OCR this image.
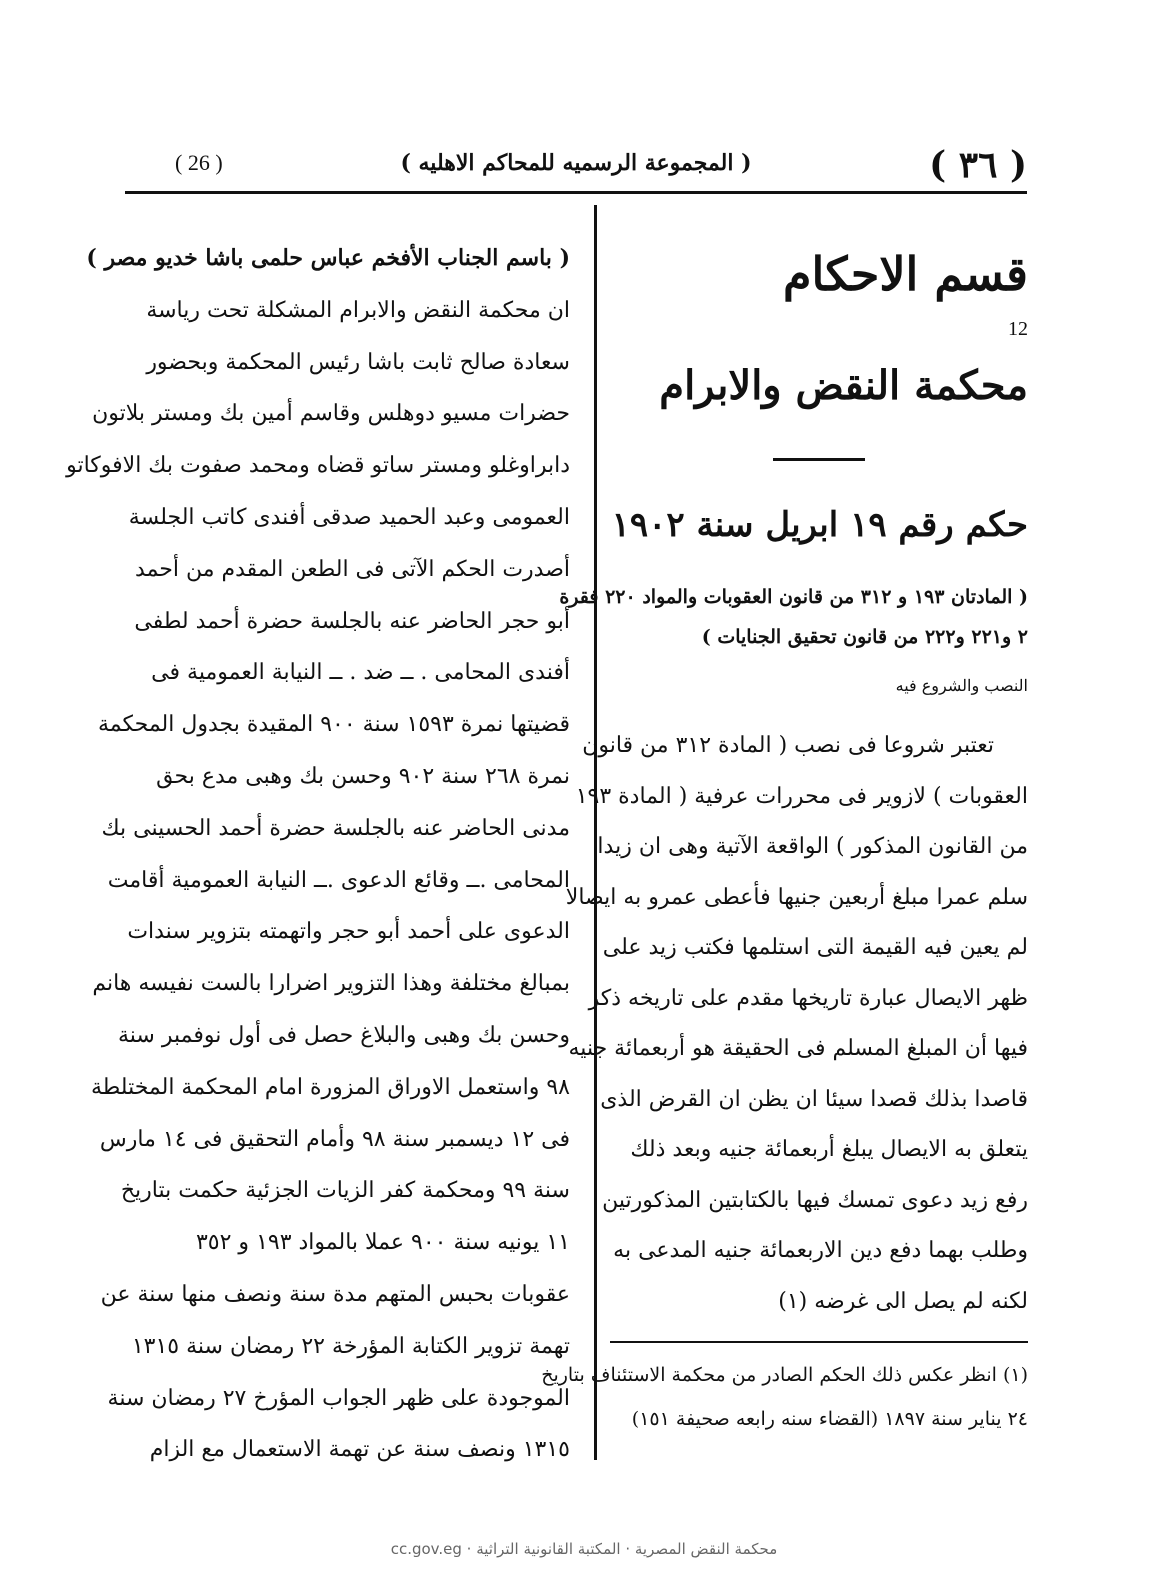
( 26 )	( المجموعة الرسميه للمحاكم الاهليه )	( ٣٦ )
قسم الاحكام
12
محكمة النقض والابرام
حكم رقم ١٩ ابريل سنة ١٩٠٢
( المادتان ١٩٣ و ٣١٢ من قانون العقوبات والمواد ٢٢٠ فقرة
٢ و٢٢١ و٢٢٢ من قانون تحقيق الجنايات )
النصب والشروع فيه
تعتبر شروعا فى نصب ( المادة ٣١٢ من قانون
العقوبات ) لازوير فى محررات عرفية ( المادة ١٩٣
من القانون المذكور ) الواقعة الآتية وهى ان زيدا
سلم عمرا مبلغ أربعين جنيها فأعطى عمرو به ايصالا
لم يعين فيه القيمة التى استلمها فكتب زيد على
ظهر الايصال عبارة تاريخها مقدم على تاريخه ذكر
فيها أن المبلغ المسلم فى الحقيقة هو أربعمائة جنيه
قاصدا بذلك قصدا سيئا ان يظن ان القرض الذى
يتعلق به الايصال يبلغ أربعمائة جنيه وبعد ذلك
رفع زيد دعوى تمسك فيها بالكتابتين المذكورتين
وطلب بهما دفع دين الاربعمائة جنيه المدعى به
لكنه لم يصل الى غرضه (١)
(١) انظر عكس ذلك الحكم الصادر من محكمة الاستئناف بتاريخ
٢٤ يناير سنة ١٨٩٧ (القضاء سنه رابعه صحيفة ١٥١)
( باسم الجناب الأفخم عباس حلمى باشا خديو مصر )
ان محكمة النقض والابرام المشكلة تحت رياسة
سعادة صالح ثابت باشا رئيس المحكمة وبحضور
حضرات مسيو دوهلس وقاسم أمين بك ومستر بلاتون
دابراوغلو ومستر ساتو قضاه ومحمد صفوت بك الافوكاتو
العمومى وعبد الحميد صدقى أفندى كاتب الجلسة
أصدرت الحكم الآتى فى الطعن المقدم من أحمد
أبو حجر الحاضر عنه بالجلسة حضرة أحمد لطفى
أفندى المحامى . ــ ضد . ــ النيابة العمومية فى
قضيتها نمرة ١٥٩٣ سنة ٩٠٠ المقيدة بجدول المحكمة
نمرة ٢٦٨ سنة ٩٠٢ وحسن بك وهبى مدع بحق
مدنى الحاضر عنه بالجلسة حضرة أحمد الحسينى بك
المحامى .ــ وقائع الدعوى .ــ النيابة العمومية أقامت
الدعوى على أحمد أبو حجر واتهمته بتزوير سندات
بمبالغ مختلفة وهذا التزوير اضرارا بالست نفيسه هانم
وحسن بك وهبى والبلاغ حصل فى أول نوفمبر سنة
٩٨ واستعمل الاوراق المزورة امام المحكمة المختلطة
فى ١٢ ديسمبر سنة ٩٨ وأمام التحقيق فى ١٤ مارس
سنة ٩٩ ومحكمة كفر الزيات الجزئية حكمت بتاريخ
١١ يونيه سنة ٩٠٠ عملا بالمواد ١٩٣ و ٣٥٢
عقوبات بحبس المتهم مدة سنة ونصف منها سنة عن
تهمة تزوير الكتابة المؤرخة ٢٢ رمضان سنة ١٣١٥
الموجودة على ظهر الجواب المؤرخ ٢٧ رمضان سنة
١٣١٥ ونصف سنة عن تهمة الاستعمال مع الزام
cc.gov.eg · محكمة النقض المصرية · المكتبة القانونية التراثية
